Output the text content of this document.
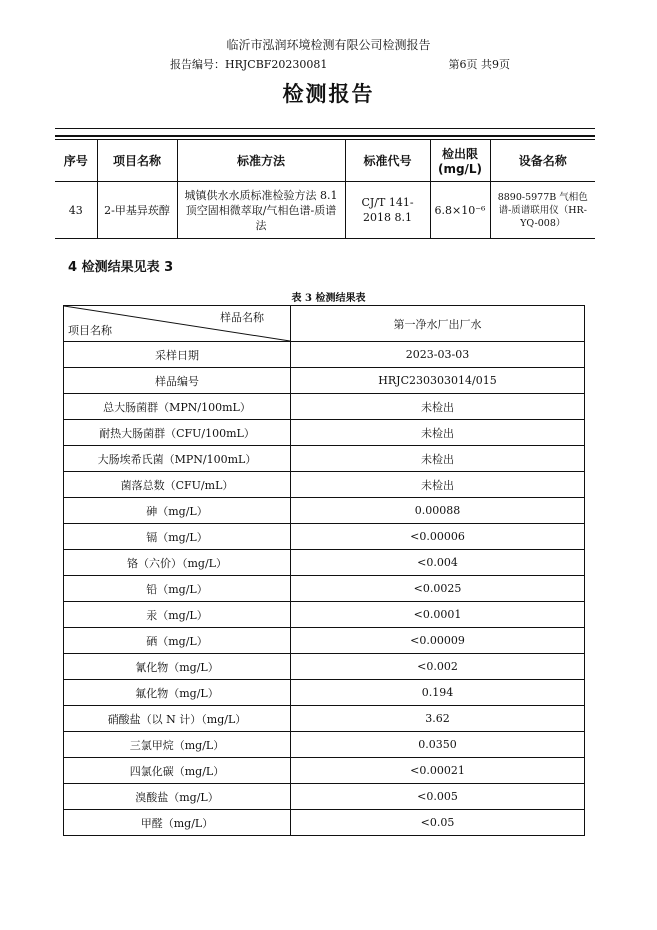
临沂市泓润环境检测有限公司检测报告
报告编号：HRJCBF20230081	第6页 共9页
检测报告
序号	项目名称	标准方法	标准代号	检出限(mg/L)	设备名称
43	2-甲基异莰醇	城镇供水水质标准检验方法 8.1 顶空固相微萃取/气相色谱-质谱法	CJ/T 141-2018 8.1	6.8×10⁻⁶	8890-5977B 气相色谱-质谱联用仪（HR-YQ-008）
4 检测结果见表 3
表 3 检测结果表
样品名称
项目名称	第一净水厂出厂水
采样日期	2023-03-03
样品编号	HRJC230303014/015
总大肠菌群（MPN/100mL）	未检出
耐热大肠菌群（CFU/100mL）	未检出
大肠埃希氏菌（MPN/100mL）	未检出
菌落总数（CFU/mL）	未检出
砷（mg/L）	0.00088
镉（mg/L）	<0.00006
铬（六价）（mg/L）	<0.004
铅（mg/L）	<0.0025
汞（mg/L）	<0.0001
硒（mg/L）	<0.00009
氰化物（mg/L）	<0.002
氟化物（mg/L）	0.194
硝酸盐（以 N 计）（mg/L）	3.62
三氯甲烷（mg/L）	0.0350
四氯化碳（mg/L）	<0.00021
溴酸盐（mg/L）	<0.005
甲醛（mg/L）	<0.05
